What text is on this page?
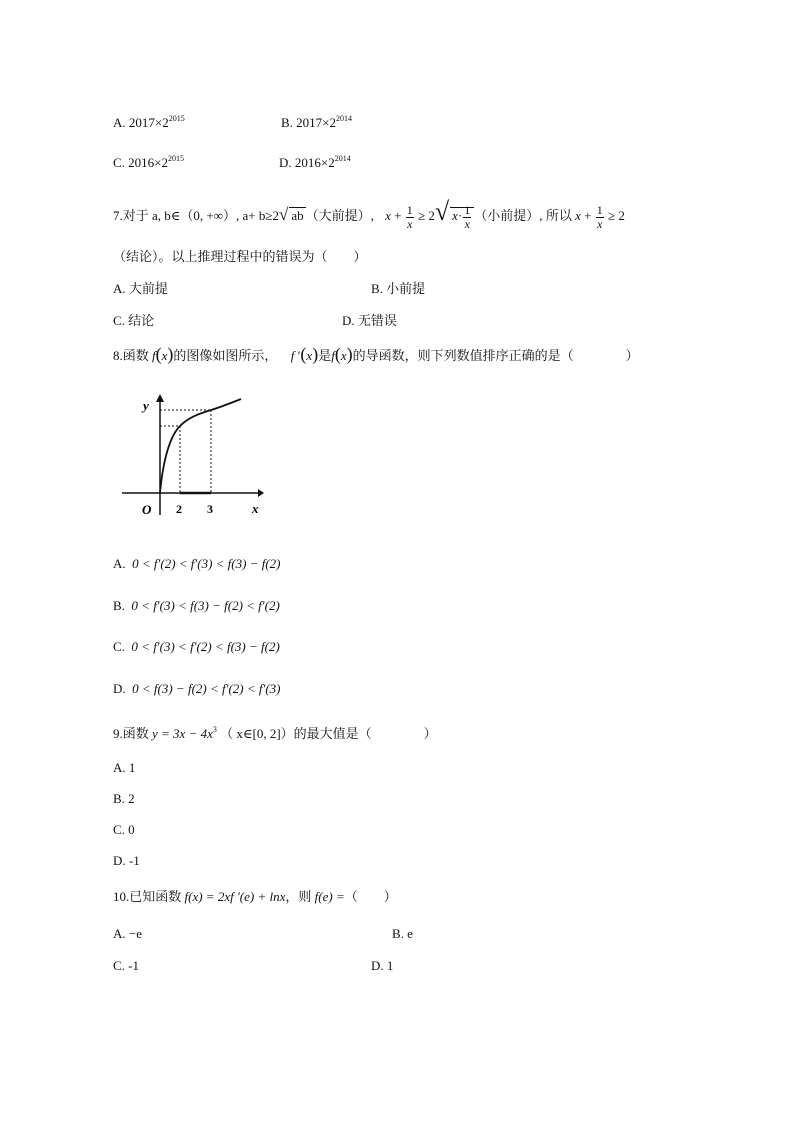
A. $2017\times 2^{2015}$	B. $2017\times 2^{2014}$
C. $2016\times 2^{2015}$	D. $2016\times 2^{2014}$
7.对于 a, b∈（0, +∞）, a+ b≥2√ ab （大前提）, $x + \frac{1}{x} \ge 2√$ $x\cdot \frac{1}{x}$ （小前提）, 所以 $x + \frac{1}{x} \ge 2$
（结论）。以上推理过程中的错误为（　　）
A. 大前提	B. 小前提
C. 结论	D. 无错误
8.函数 f(x)的图像如图所示， f ′(x)是f(x)的导函数，则下列数值排序正确的是（　　　　）
y
x
O 2 3
A. 0 < f′(2) < f′(3) < f(3) − f(2)
B. 0 < f′(3) < f(3) − f(2) < f′(2)
C. 0 < f′(3) < f′(2) < f(3) − f(2)
D. 0 < f(3) − f(2) < f′(2) < f′(3)
9.函数 $y = 3x - 4x^3$ （ x∈[0, 2]）的最大值是（　　　　）
A. 1
B. 2
C. 0
D. -1
10.已知函数 f(x) = 2xf ′(e) + lnx，则 f(e) =（　　）
A. −e	B. e
C. -1	D. 1
